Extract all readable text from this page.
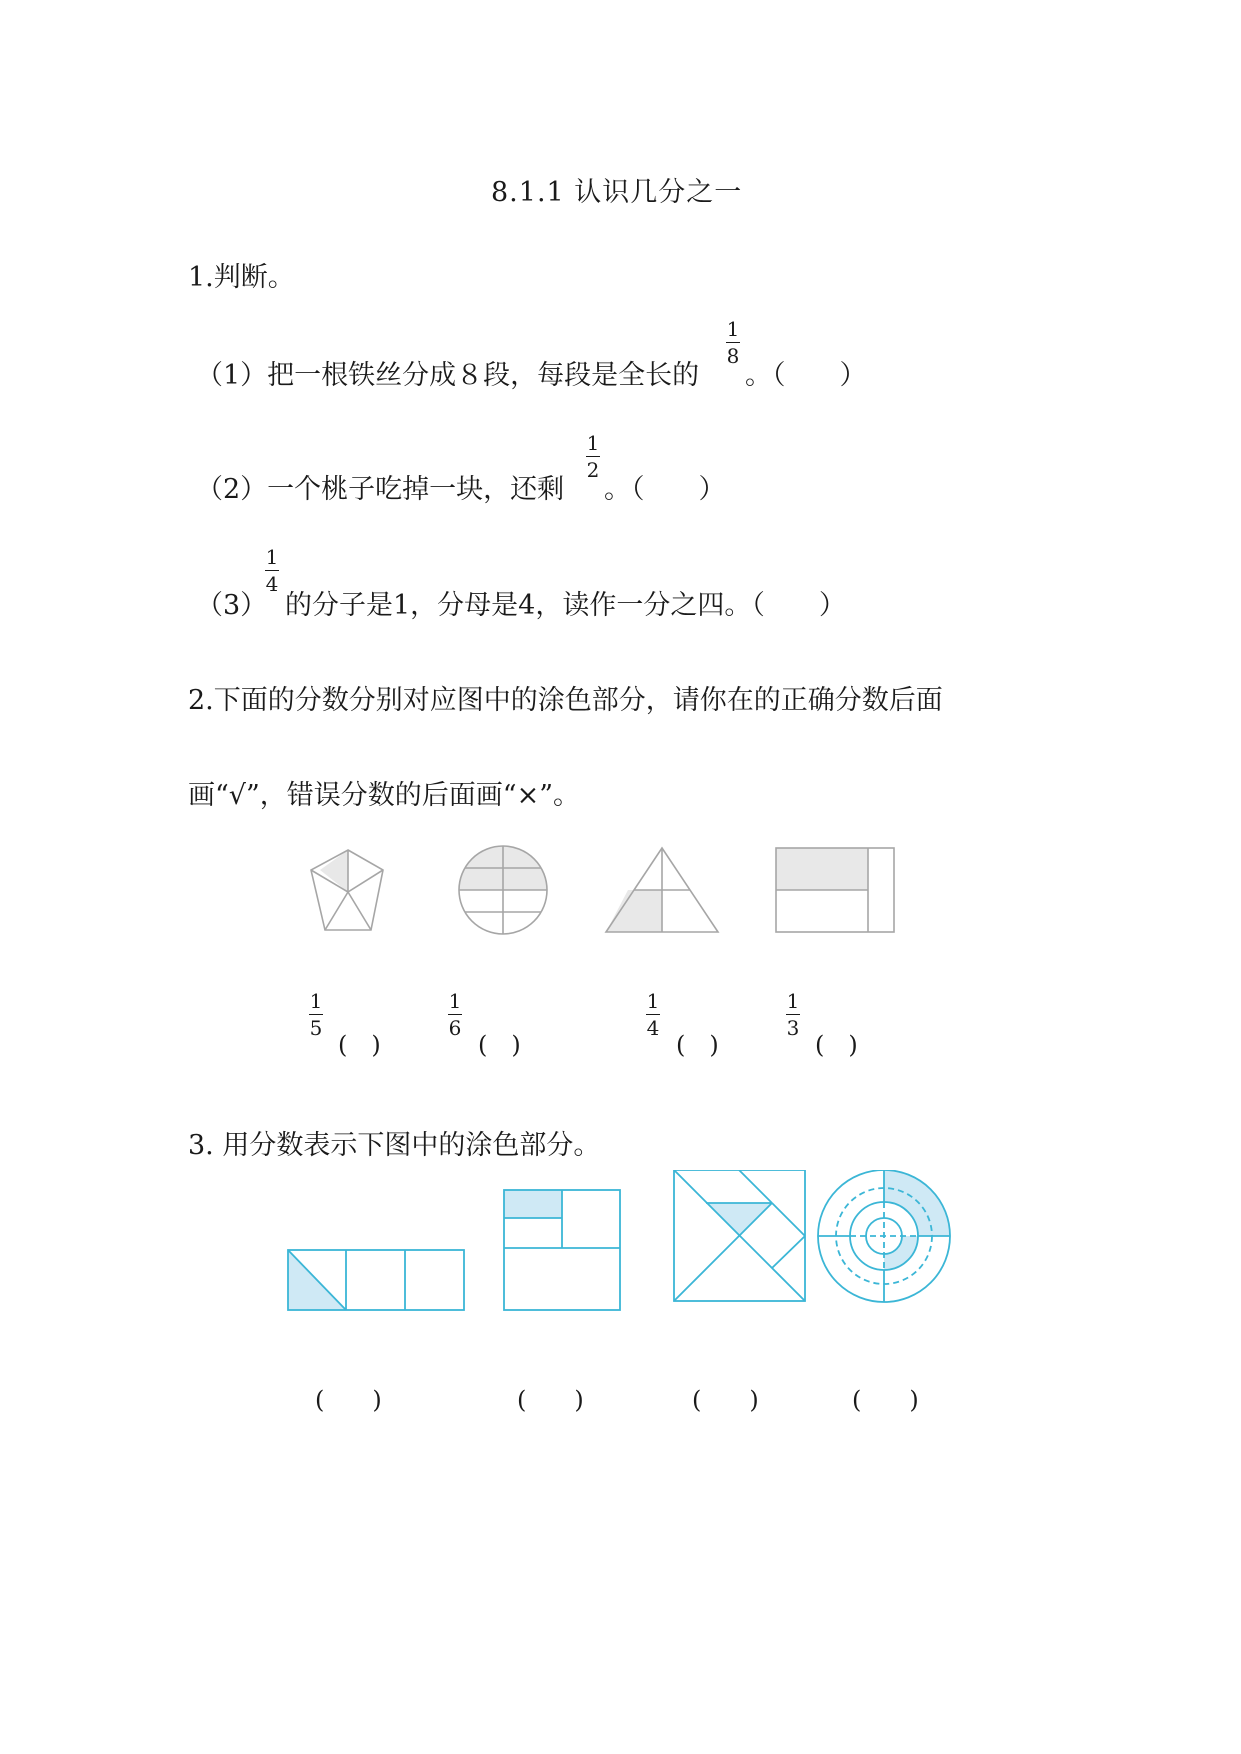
8.1.1 认识几分之一
1.判断。
（1）把一根铁丝分成８段，每段是全长的
1
8
。（　　）
（2）一个桃子吃掉一块，还剩
1
2
。（　　）
（3）
1
4
的分子是1，分母是4，读作一分之四。（　　）
2.下面的分数分别对应图中的涂色部分，请你在的正确分数后面
画“√”，错误分数的后面画“×”。
1
5
(　)
1
6
(　)
1
4
(　)
1
3
(　)
3. 用分数表示下图中的涂色部分。
(　　)	(　　)	(　　)	(　　)
